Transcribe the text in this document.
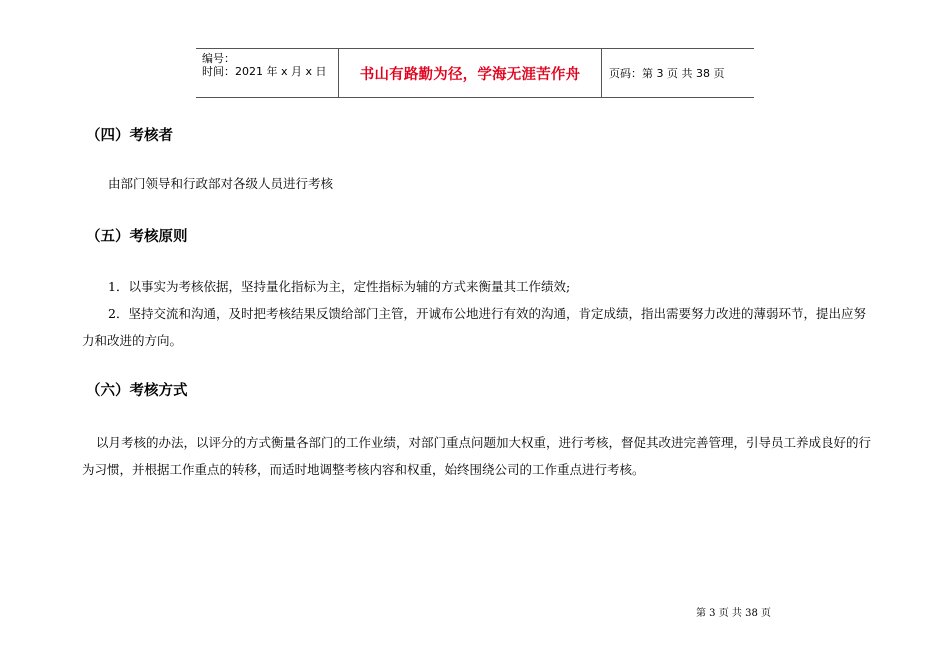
编号：
时间：2021 年 x 月 x 日	书山有路勤为径，学海无涯苦作舟	页码：第 3 页 共 38 页
（四）考核者
由部门领导和行政部对各级人员进行考核
（五）考核原则
1．以事实为考核依据，坚持量化指标为主，定性指标为辅的方式来衡量其工作绩效;
2．坚持交流和沟通，及时把考核结果反馈给部门主管，开诚布公地进行有效的沟通，肯定成绩，指出需要努力改进的薄弱环节，提出应努力和改进的方向。
（六）考核方式
以月考核的办法，以评分的方式衡量各部门的工作业绩，对部门重点问题加大权重，进行考核，督促其改进完善管理，引导员工养成良好的行为习惯，并根据工作重点的转移，而适时地调整考核内容和权重，始终围绕公司的工作重点进行考核。
第 3 页 共 38 页
